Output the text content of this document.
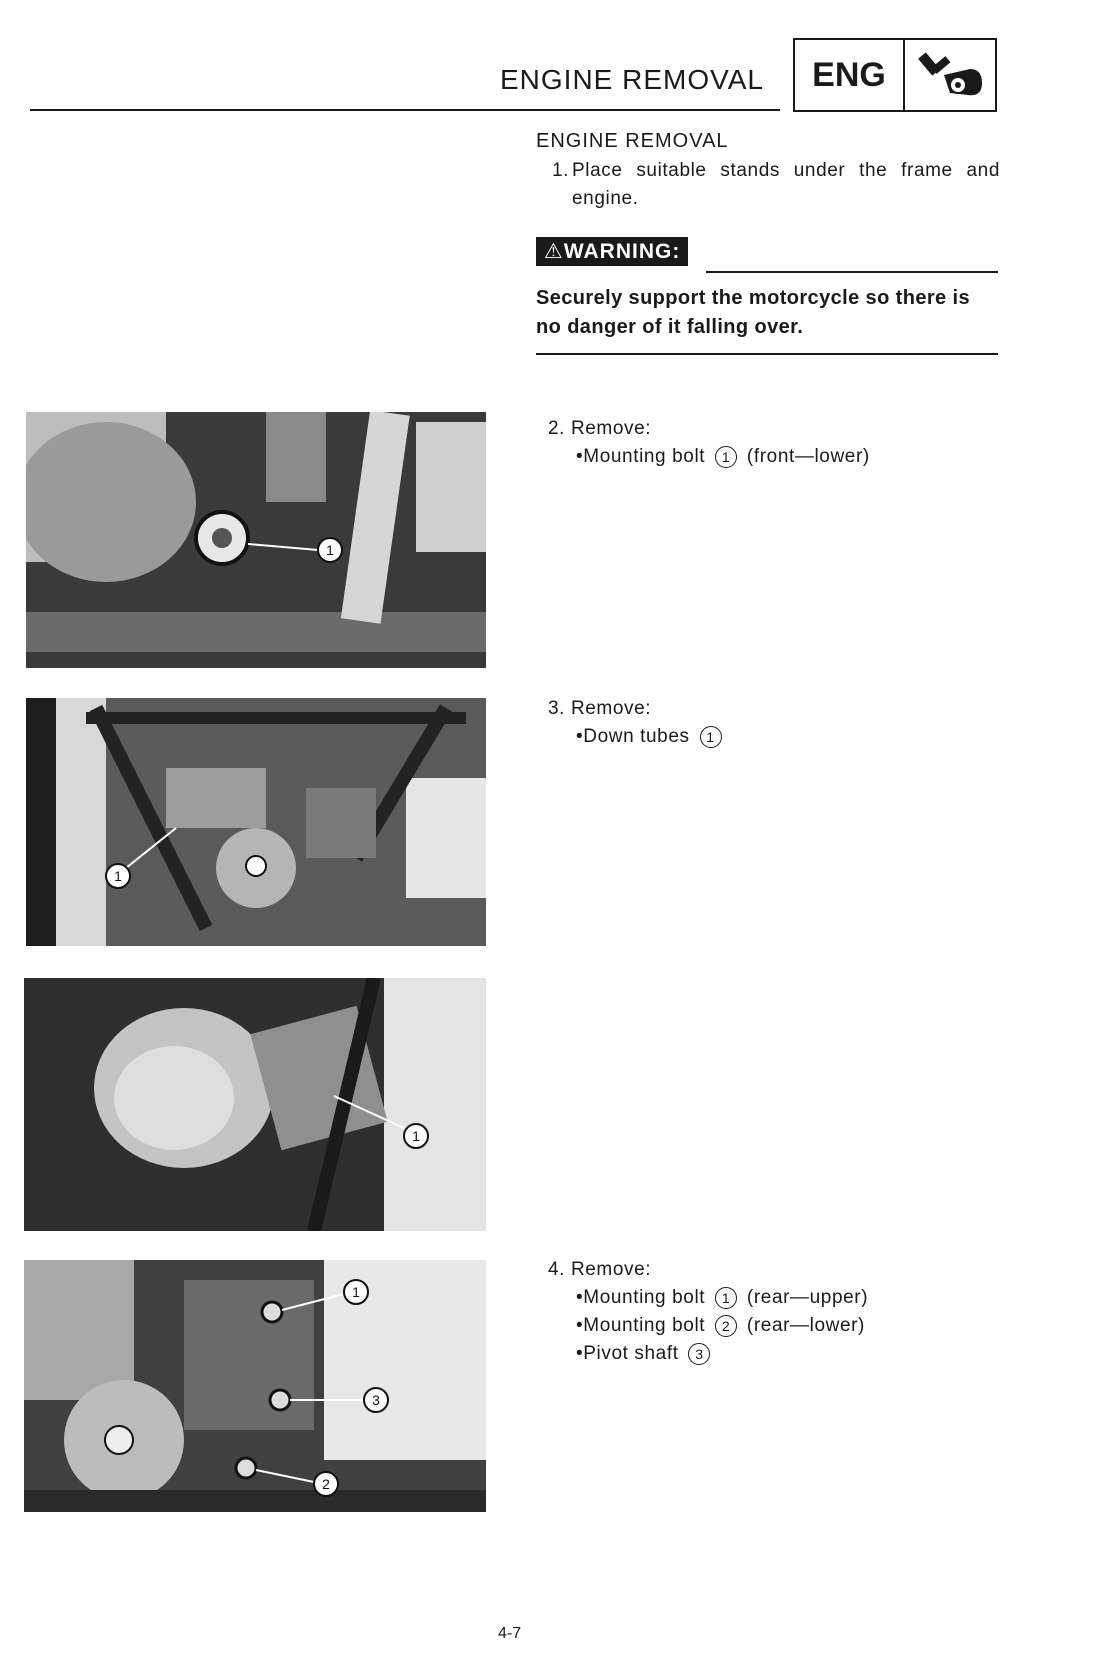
ENGINE REMOVAL	ENG
ENGINE REMOVAL
1. Place suitable stands under the frame and engine.
⚠WARNING:
Securely support the motorcycle so there is no danger of it falling over.
2. Remove:
•Mounting bolt 1 (front—lower)
3. Remove:
•Down tubes 1
4. Remove:
•Mounting bolt 1 (rear—upper)
•Mounting bolt 2 (rear—lower)
•Pivot shaft 3
1
1
1
1
3
2
4-7
